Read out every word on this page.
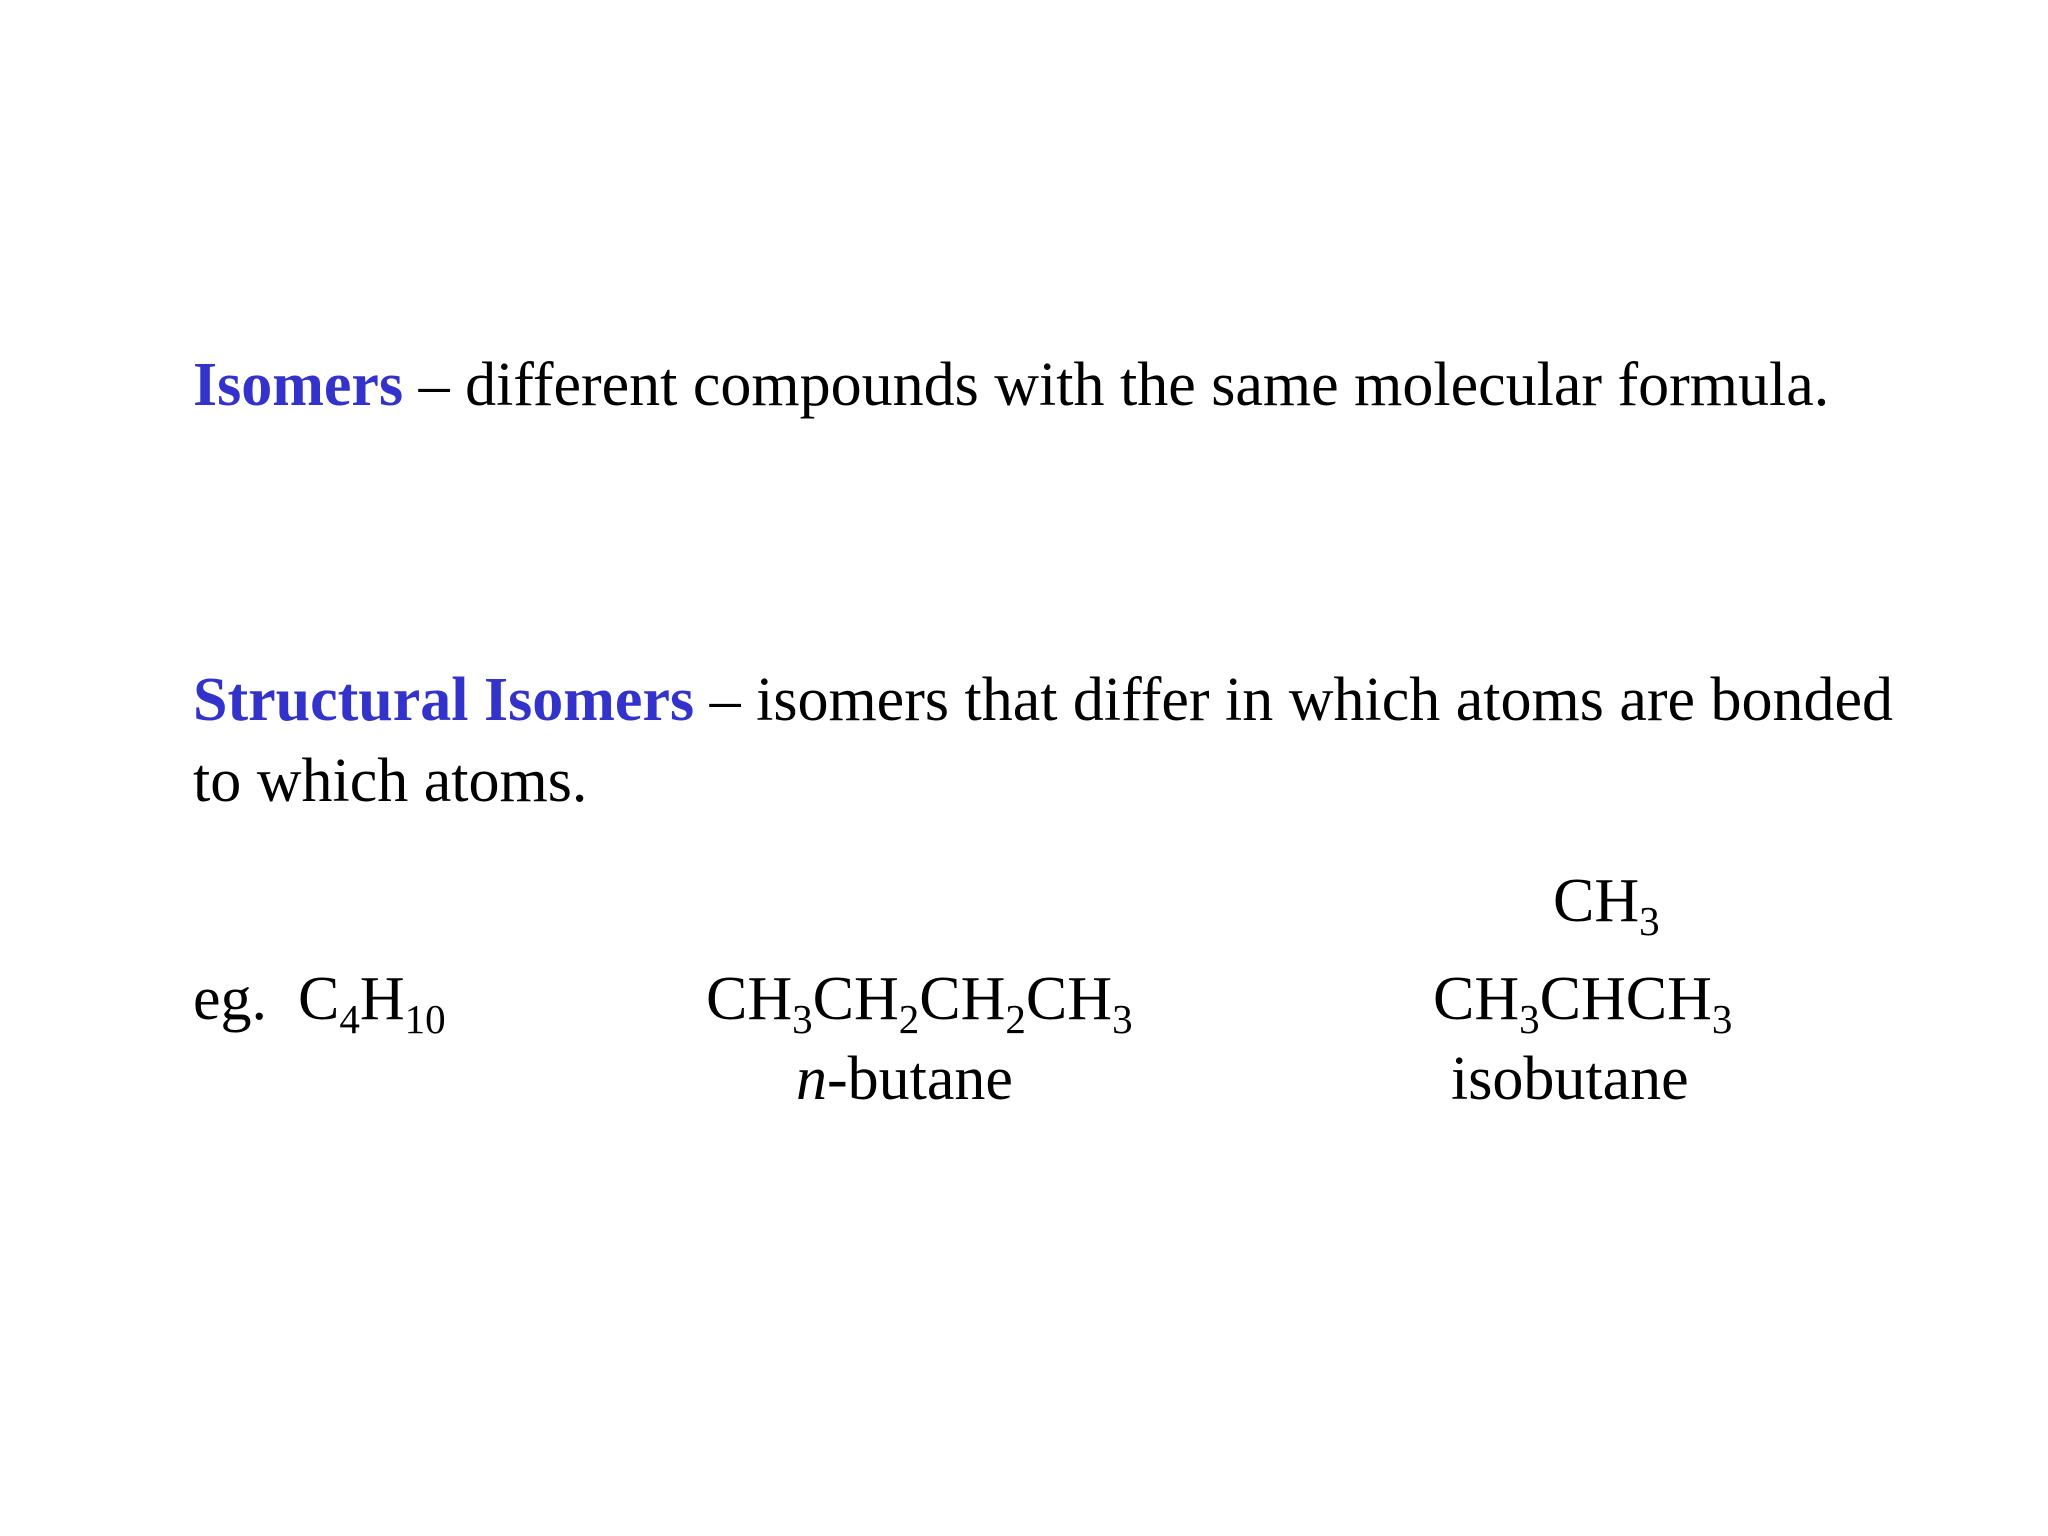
Isomers – different compounds with the same molecular formula.
Structural Isomers – isomers that differ in which atoms are bonded to which atoms.
eg. $C_4H_{10}$	$CH_3CH_2CH_2CH_3$
n-butane
$CH_3$
$CH_3CHCH_3$
isobutane
